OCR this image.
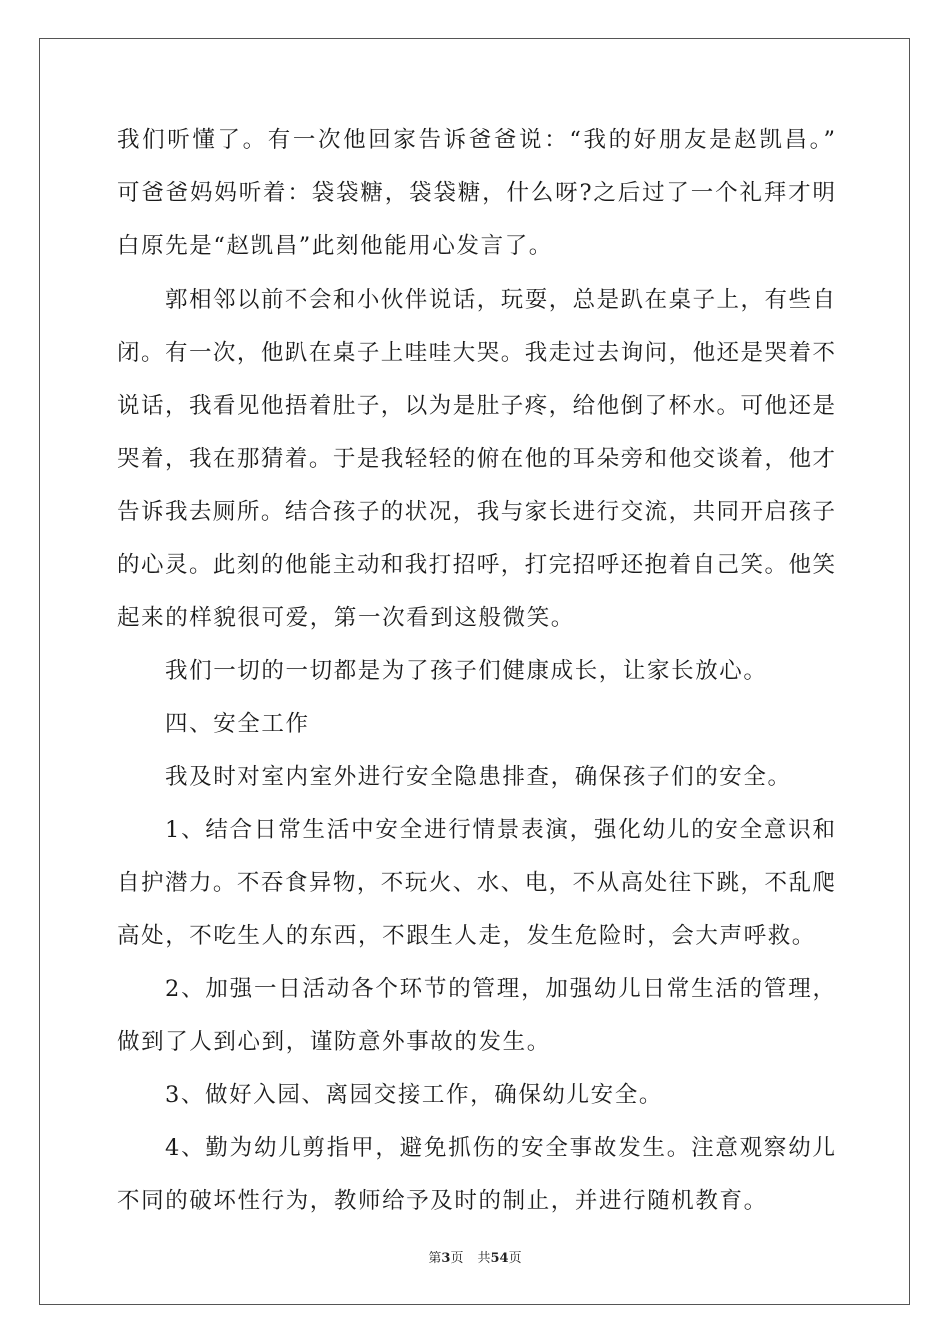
我们听懂了。有一次他回家告诉爸爸说：“我的好朋友是赵凯昌。”
可爸爸妈妈听着：袋袋糖，袋袋糖，什么呀?之后过了一个礼拜才明
白原先是“赵凯昌”此刻他能用心发言了。
郭相邻以前不会和小伙伴说话，玩耍，总是趴在桌子上，有些自
闭。有一次，他趴在桌子上哇哇大哭。我走过去询问，他还是哭着不
说话，我看见他捂着肚子，以为是肚子疼，给他倒了杯水。可他还是
哭着，我在那猜着。于是我轻轻的俯在他的耳朵旁和他交谈着，他才
告诉我去厕所。结合孩子的状况，我与家长进行交流，共同开启孩子
的心灵。此刻的他能主动和我打招呼，打完招呼还抱着自己笑。他笑
起来的样貌很可爱，第一次看到这般微笑。
我们一切的一切都是为了孩子们健康成长，让家长放心。
四、安全工作
我及时对室内室外进行安全隐患排查，确保孩子们的安全。
1、结合日常生活中安全进行情景表演，强化幼儿的安全意识和
自护潜力。不吞食异物，不玩火、水、电，不从高处往下跳，不乱爬
高处，不吃生人的东西，不跟生人走，发生危险时，会大声呼救。
2、加强一日活动各个环节的管理，加强幼儿日常生活的管理，
做到了人到心到，谨防意外事故的发生。
3、做好入园、离园交接工作，确保幼儿安全。
4、勤为幼儿剪指甲，避免抓伤的安全事故发生。注意观察幼儿
不同的破坏性行为，教师给予及时的制止，并进行随机教育。
第3页 共54页
